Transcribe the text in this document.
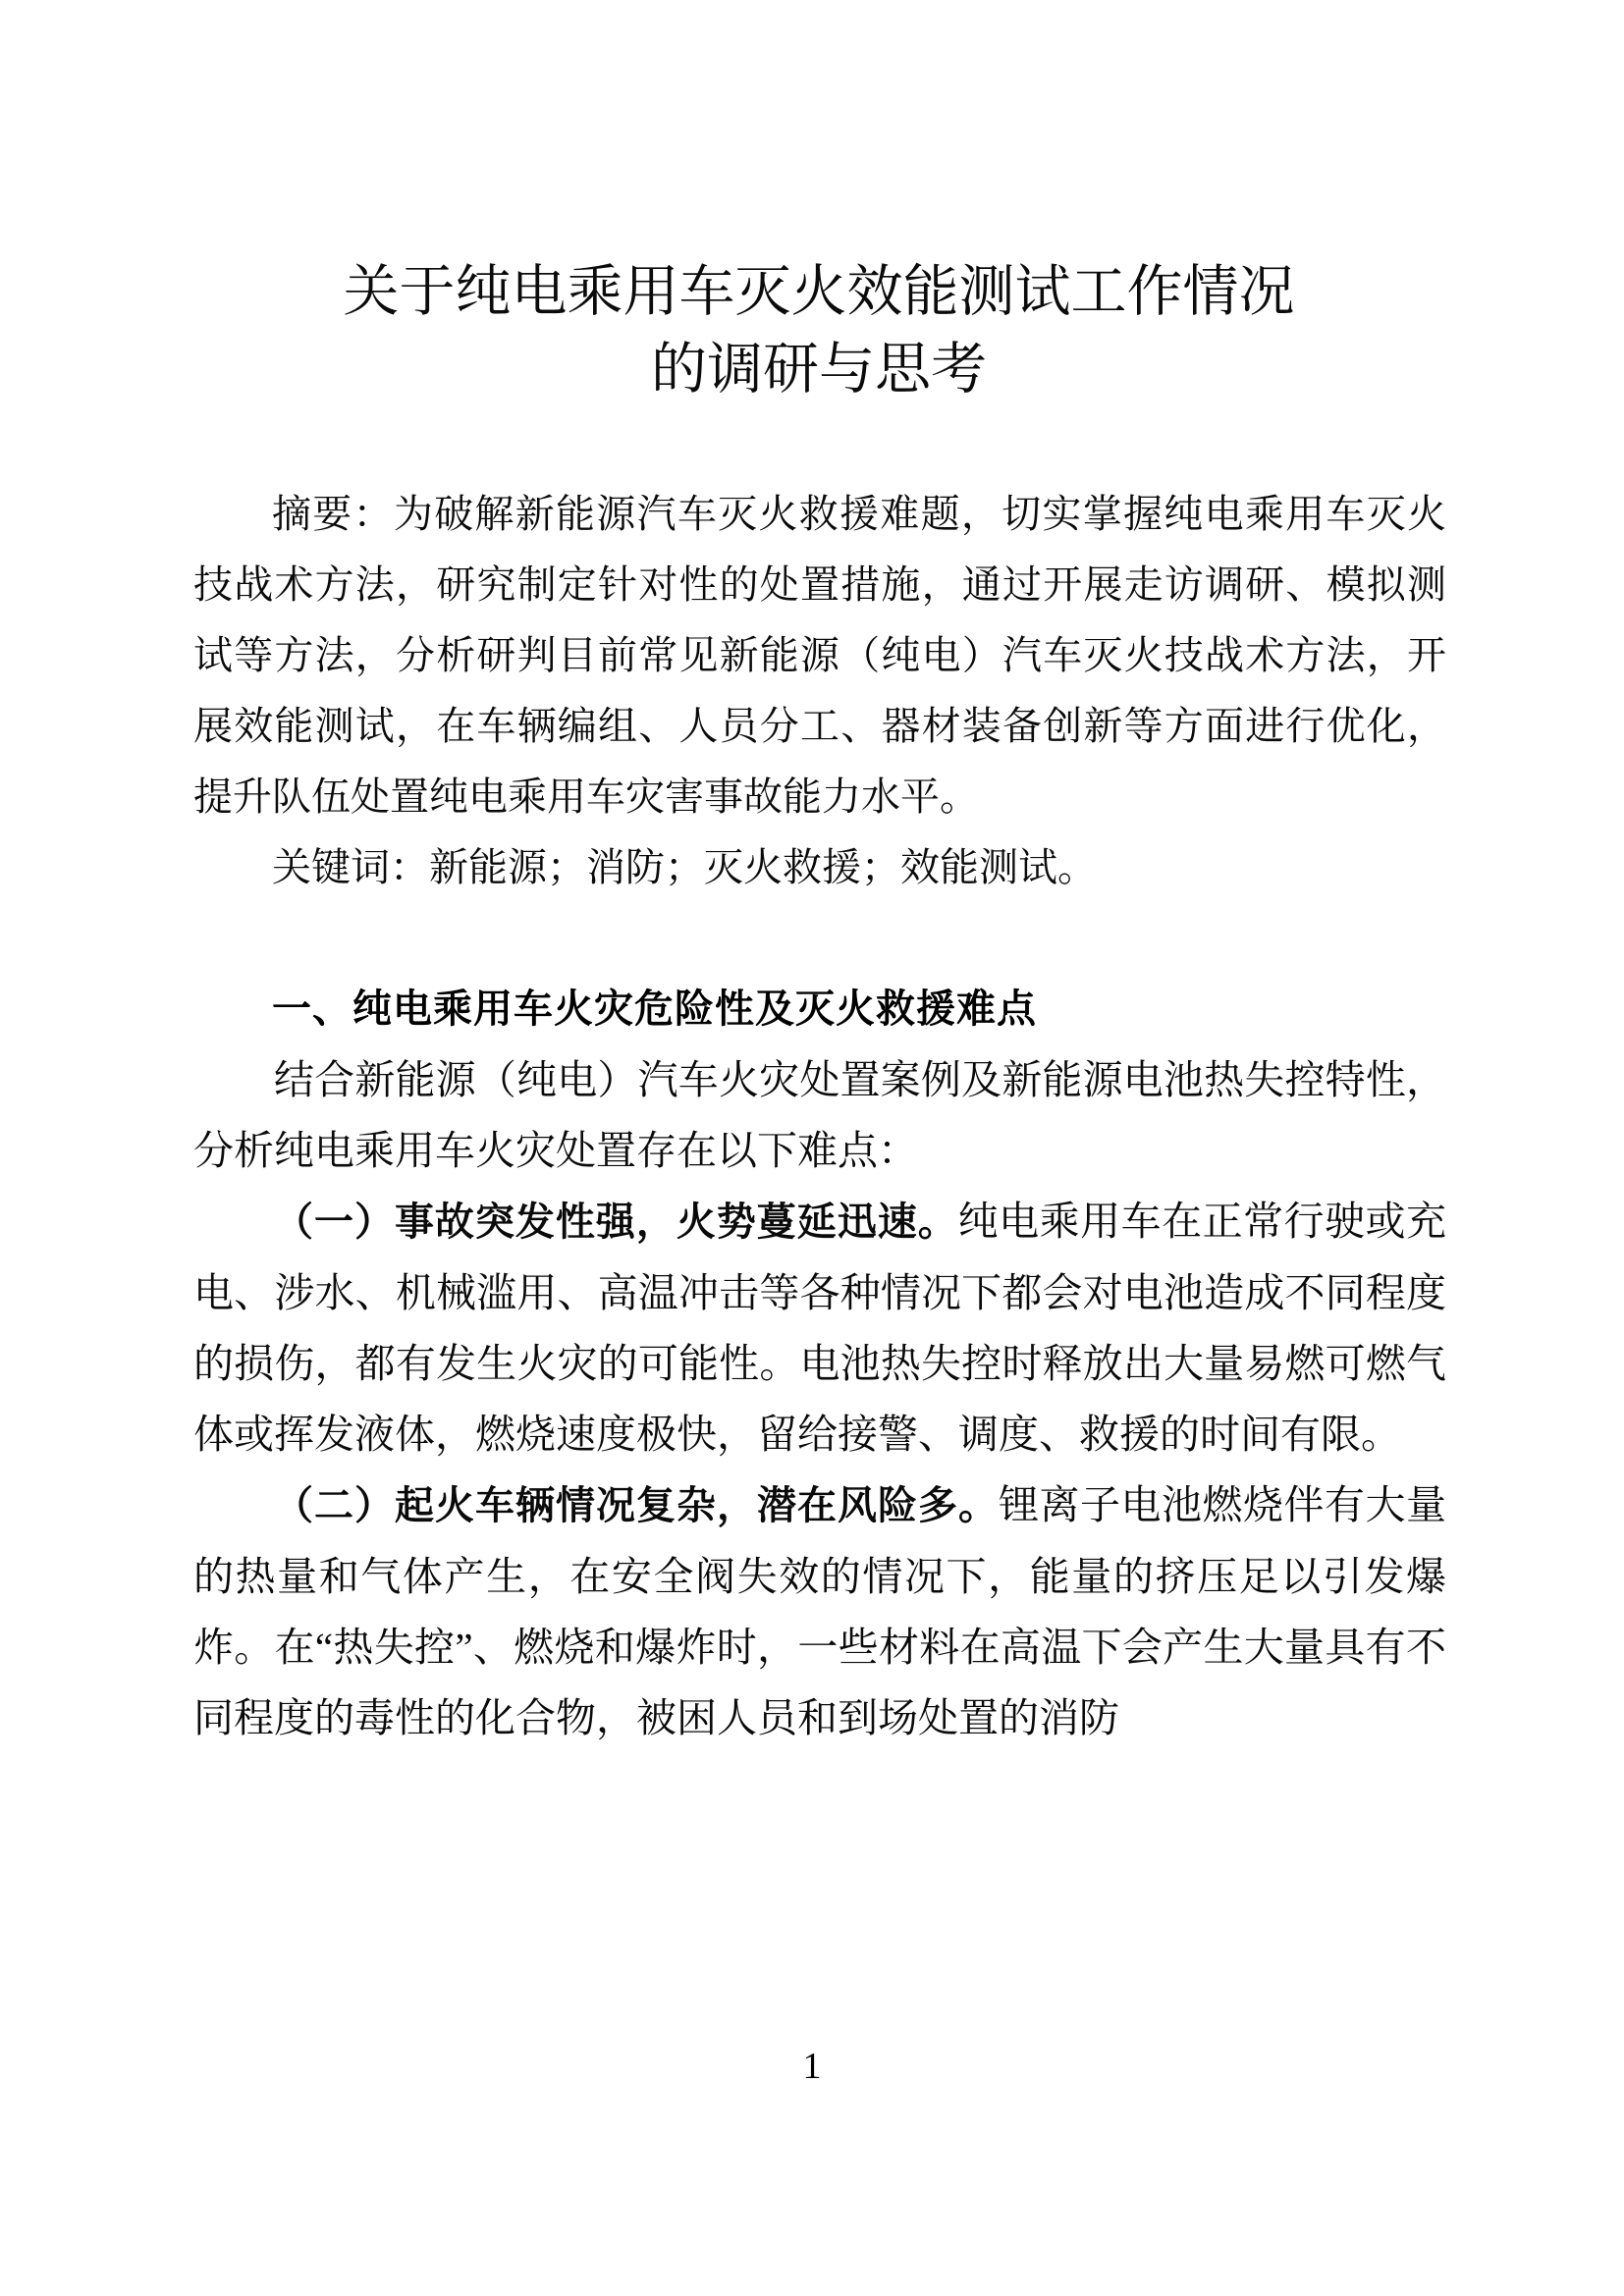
关于纯电乘用车灭火效能测试工作情况
的调研与思考

摘要：为破解新能源汽车灭火救援难题，切实掌握纯电乘用车灭火技战术方法，研究制定针对性的处置措施，通过开展走访调研、模拟测试等方法，分析研判目前常见新能源（纯电）汽车灭火技战术方法，开展效能测试，在车辆编组、人员分工、器材装备创新等方面进行优化，提升队伍处置纯电乘用车灾害事故能力水平。

关键词：新能源；消防；灭火救援；效能测试。

一、纯电乘用车火灾危险性及灭火救援难点

结合新能源（纯电）汽车火灾处置案例及新能源电池热失控特性，分析纯电乘用车火灾处置存在以下难点：

（一）事故突发性强，火势蔓延迅速。纯电乘用车在正常行驶或充电、涉水、机械滥用、高温冲击等各种情况下都会对电池造成不同程度的损伤，都有发生火灾的可能性。电池热失控时释放出大量易燃可燃气体或挥发液体，燃烧速度极快，留给接警、调度、救援的时间有限。

（二）起火车辆情况复杂，潜在风险多。锂离子电池燃烧伴有大量的热量和气体产生，在安全阀失效的情况下，能量的挤压足以引发爆炸。在“热失控”、燃烧和爆炸时，一些材料在高温下会产生大量具有不同程度的毒性的化合物，被困人员和到场处置的消防

1
